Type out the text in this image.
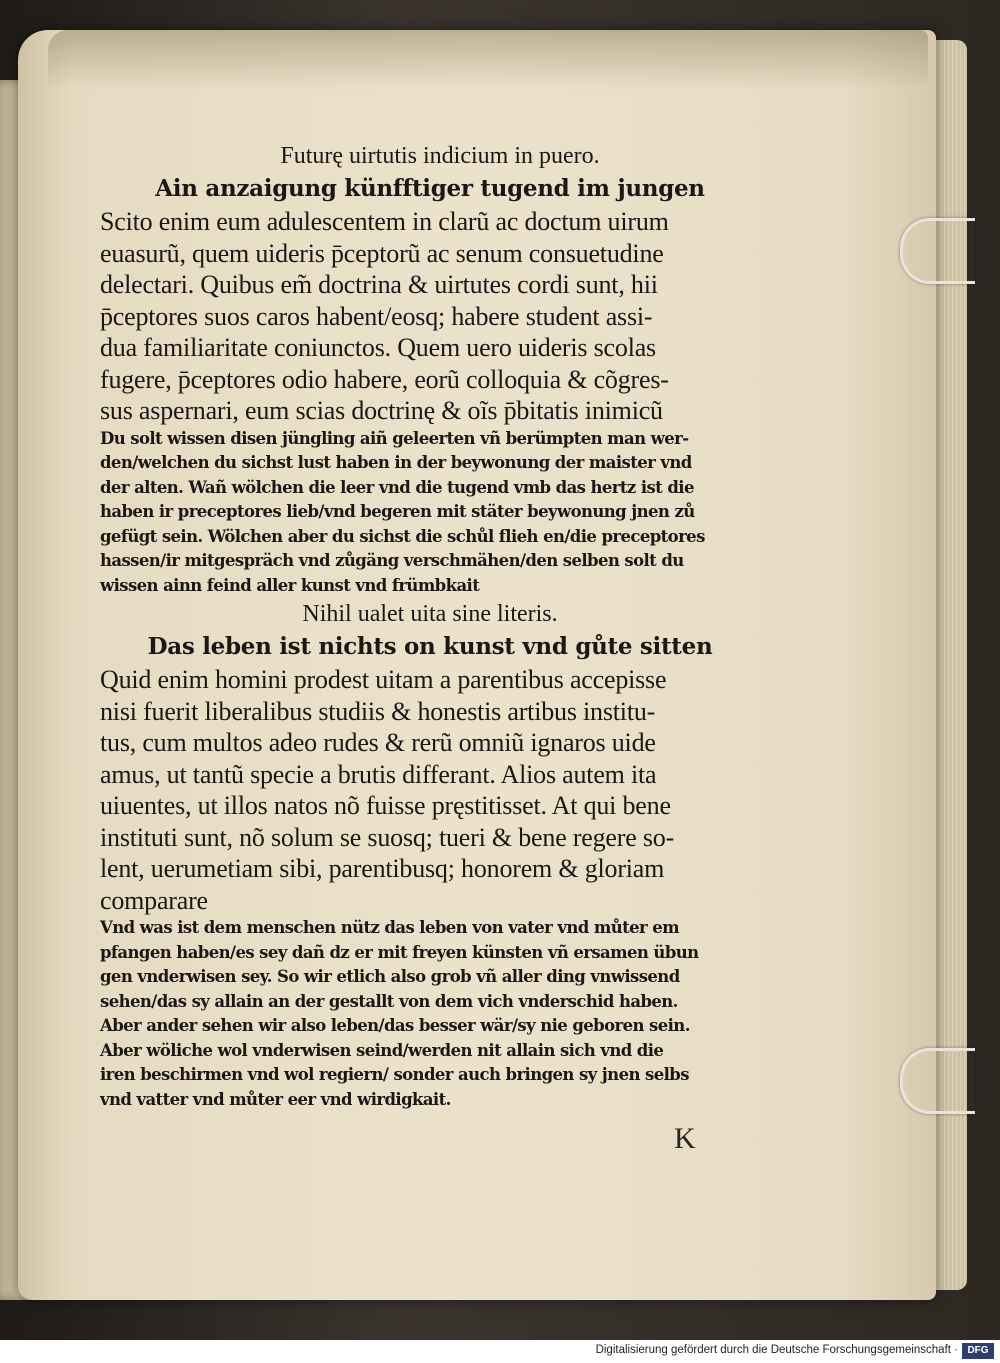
Futurę uirtutis indicium in puero.
Ain anzaigung künfftiger tugend im jungen
Scito enim eum adulescentem in clarũ ac doctum uirum
euasurũ, quem uideris p̄ceptorũ ac senum consuetudine
delectari. Quibus em̃ doctrina & uirtutes cordi sunt, hii
p̄ceptores suos caros habent/eosq; habere student assi-
dua familiaritate coniunctos. Quem uero uideris scolas
fugere, p̄ceptores odio habere, eorũ colloquia & cõgres-
sus aspernari, eum scias doctrinę & oĩs p̄bitatis inimicũ
Du solt wissen disen jüngling aiñ geleerten vñ berümpten man wer-
den/welchen du sichst lust haben in der beywonung der maister vnd
der alten. Wañ wölchen die leer vnd die tugend vmb das hertz ist die
haben ir preceptores lieb/vnd begeren mit stäter beywonung jnen zů
gefügt sein. Wölchen aber du sichst die schůl flieh en/die preceptores
hassen/ir mitgespräch vnd zůgäng verschmähen/den selben solt du
wissen ainn feind aller kunst vnd frümbkait
Nihil ualet uita sine literis.
Das leben ist nichts on kunst vnd gůte sitten
Quid enim homini prodest uitam a parentibus accepisse
nisi fuerit liberalibus studiis & honestis artibus institu-
tus, cum multos adeo rudes & rerũ omniũ ignaros uide
amus, ut tantũ specie a brutis differant. Alios autem ita
uiuentes, ut illos natos nõ fuisse pręstitisset. At qui bene
instituti sunt, nõ solum se suosq; tueri & bene regere so-
lent, uerumetiam sibi, parentibusq; honorem & gloriam
comparare
Vnd was ist dem menschen nütz das leben von vater vnd můter em
pfangen haben/es sey dañ dz er mit freyen künsten vñ ersamen übun
gen vnderwisen sey. So wir etlich also grob vñ aller ding vnwissend
sehen/das sy allain an der gestallt von dem vich vnderschid haben.
Aber ander sehen wir also leben/das besser wär/sy nie geboren sein.
Aber wöliche wol vnderwisen seind/werden nit allain sich vnd die
iren beschirmen vnd wol regiern/ sonder auch bringen sy jnen selbs
vnd vatter vnd můter eer vnd wirdigkait.
K
Digitalisierung gefördert durch die Deutsche Forschungsgemeinschaft · DFG
